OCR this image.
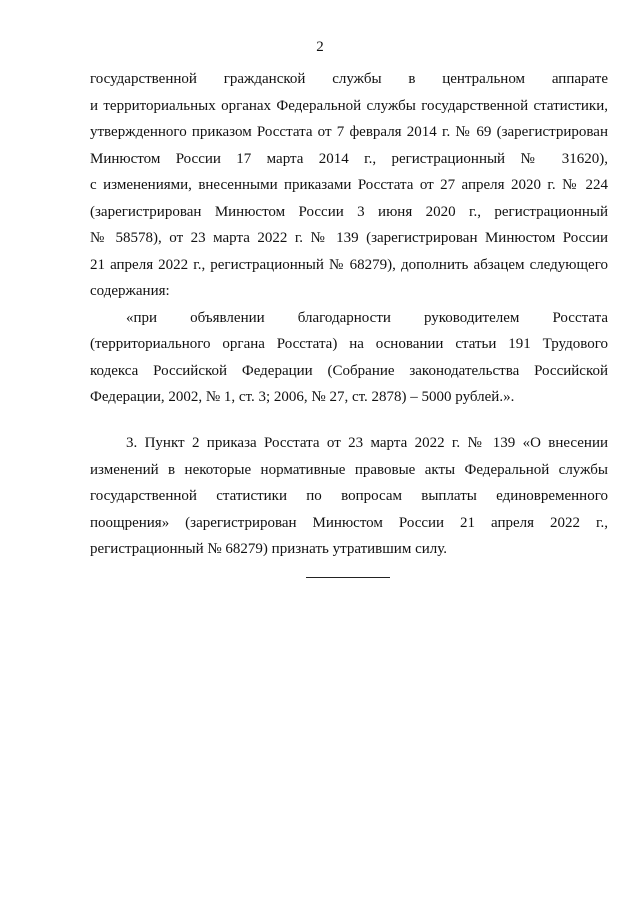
2
государственной гражданской службы в центральном аппарате
и территориальных органах Федеральной службы государственной статистики,
утвержденного приказом Росстата от 7 февраля 2014 г. № 69 (зарегистрирован
Минюстом России 17 марта 2014 г., регистрационный № 31620),
с изменениями, внесенными приказами Росстата от 27 апреля 2020 г. № 224
(зарегистрирован Минюстом России 3 июня 2020 г., регистрационный
№ 58578), от 23 марта 2022 г. № 139 (зарегистрирован Минюстом России
21 апреля 2022 г., регистрационный № 68279), дополнить абзацем следующего
содержания:
«при объявлении благодарности руководителем Росстата
(территориального органа Росстата) на основании статьи 191 Трудового
кодекса Российской Федерации (Собрание законодательства Российской
Федерации, 2002, № 1, ст. 3; 2006, № 27, ст. 2878) – 5000 рублей.».
3. Пункт 2 приказа Росстата от 23 марта 2022 г. № 139 «О внесении
изменений в некоторые нормативные правовые акты Федеральной службы
государственной статистики по вопросам выплаты единовременного
поощрения» (зарегистрирован Минюстом России 21 апреля 2022 г.,
регистрационный № 68279) признать утратившим силу.
